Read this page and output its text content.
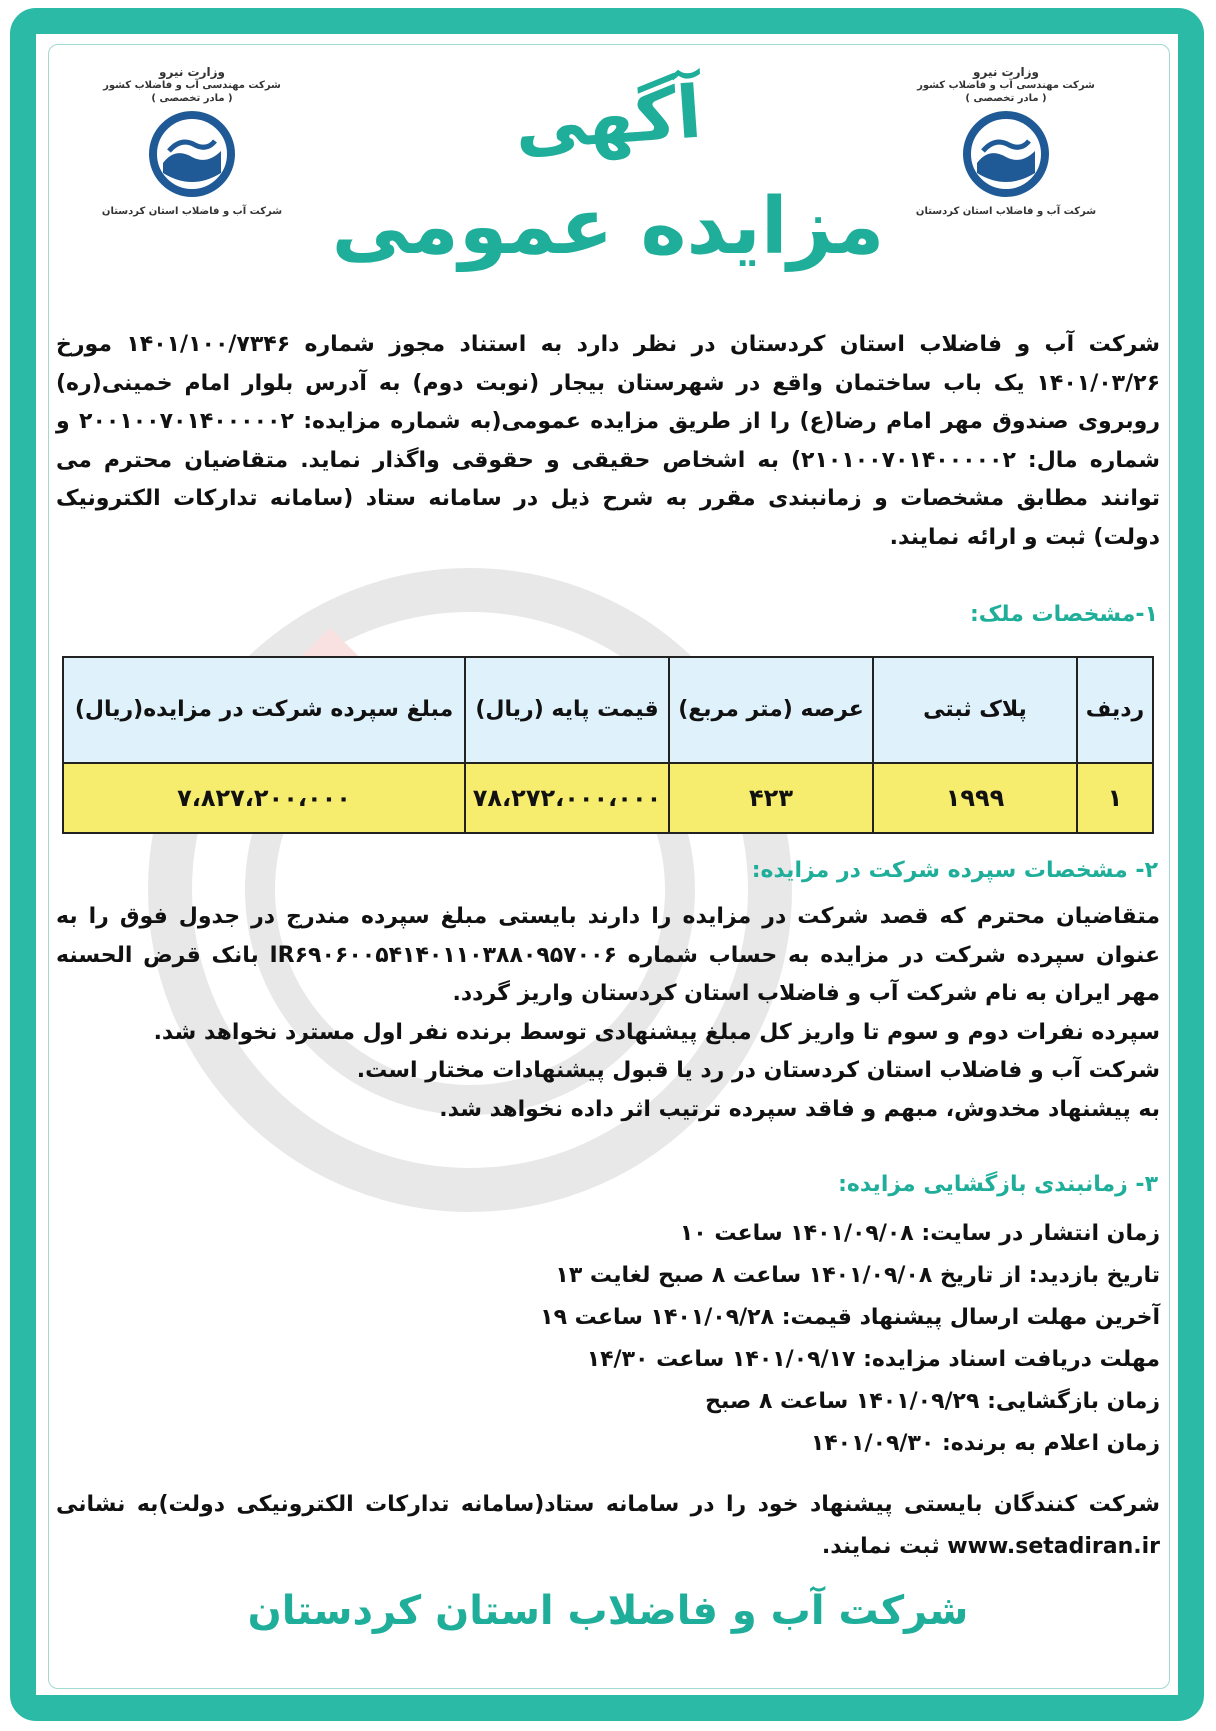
وزارت نیرو
شرکت مهندسی آب و فاضلاب کشور
( مادر تخصصی )
شرکت آب و فاضلاب استان کردستان
وزارت نیرو
شرکت مهندسی آب و فاضلاب کشور
( مادر تخصصی )
شرکت آب و فاضلاب استان کردستان
آگهی
مزایده عمومی
شرکت آب و فاضلاب استان کردستان در نظر دارد به استناد مجوز شماره ۱۴۰۱/۱۰۰/۷۳۴۶ مورخ ۱۴۰۱/۰۳/۲۶ یک باب ساختمان واقع در شهرستان بیجار (نوبت دوم) به آدرس بلوار امام خمینی(ره) روبروی صندوق مهر امام رضا(ع) را از طریق مزایده عمومی(به شماره مزایده: ۲۰۰۱۰۰۷۰۱۴۰۰۰۰۰۲ و شماره مال: ۲۱۰۱۰۰۷۰۱۴۰۰۰۰۰۲) به اشخاص حقیقی و حقوقی واگذار نماید. متقاضیان محترم می توانند مطابق مشخصات و زمانبندی مقرر به شرح ذیل در سامانه ستاد (سامانه تدارکات الکترونیک دولت) ثبت و ارائه نمایند.
۱-مشخصات ملک:
ردیف	پلاک ثبتی	عرصه (متر مربع)	قیمت پایه (ریال)	مبلغ سپرده شرکت در مزایده(ریال)
۱	۱۹۹۹	۴۲۳	۷۸،۲۷۲،۰۰۰،۰۰۰	۷،۸۲۷،۲۰۰،۰۰۰
۲- مشخصات سپرده شرکت در مزایده:
متقاضیان محترم که قصد شرکت در مزایده را دارند بایستی مبلغ سپرده مندرج در جدول فوق را به عنوان سپرده شرکت در مزایده به حساب شماره IR۶۹۰۶۰۰۵۴۱۴۰۱۱۰۳۸۸۰۹۵۷۰۰۶ بانک قرض الحسنه مهر ایران به نام شرکت آب و فاضلاب استان کردستان واریز گردد.
سپرده نفرات دوم و سوم تا واریز کل مبلغ پیشنهادی توسط برنده نفر اول مسترد نخواهد شد.
شرکت آب و فاضلاب استان کردستان در رد یا قبول پیشنهادات مختار است.
به پیشنهاد مخدوش، مبهم و فاقد سپرده ترتیب اثر داده نخواهد شد.
۳- زمانبندی بازگشایی مزایده:
زمان انتشار در سایت: ۱۴۰۱/۰۹/۰۸ ساعت ۱۰
تاریخ بازدید: از تاریخ ۱۴۰۱/۰۹/۰۸ ساعت ۸ صبح لغایت ۱۳
آخرین مهلت ارسال پیشنهاد قیمت: ۱۴۰۱/۰۹/۲۸ ساعت ۱۹
مهلت دریافت اسناد مزایده: ۱۴۰۱/۰۹/۱۷ ساعت ۱۴/۳۰
زمان بازگشایی: ۱۴۰۱/۰۹/۲۹ ساعت ۸ صبح
زمان اعلام به برنده: ۱۴۰۱/۰۹/۳۰
شرکت کنندگان بایستی پیشنهاد خود را در سامانه ستاد(سامانه تدارکات الکترونیکی دولت)به نشانی www.setadiran.ir ثبت نمایند.
شرکت آب و فاضلاب استان کردستان
